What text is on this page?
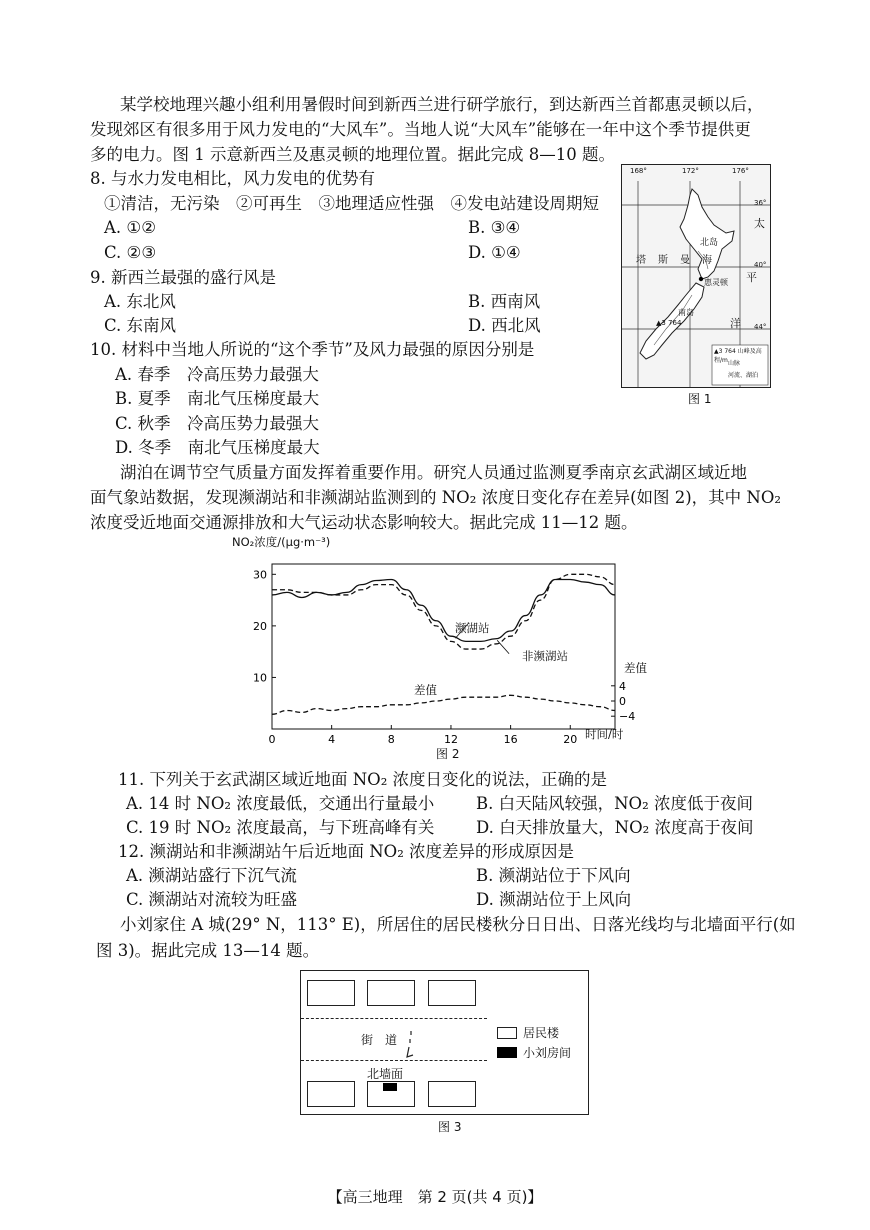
某学校地理兴趣小组利用暑假时间到新西兰进行研学旅行，到达新西兰首都惠灵顿以后，
发现郊区有很多用于风力发电的“大风车”。当地人说“大风车”能够在一年中这个季节提供更
多的电力。图 1 示意新西兰及惠灵顿的地理位置。据此完成 8—10 题。
8. 与水力发电相比，风力发电的优势有
①清洁，无污染　②可再生　③地理适应性强　④发电站建设周期短
A. ①②	B. ③④
C. ②③	D. ①④
9. 新西兰最强的盛行风是
A. 东北风	B. 西南风
C. 东南风	D. 西北风
10. 材料中当地人所说的“这个季节”及风力最强的原因分别是
A. 春季　冷高压势力最强大
B. 夏季　南北气压梯度最大
C. 秋季　冷高压势力最强大
D. 冬季　南北气压梯度最大
168°	172°	176°
36°
40°
44°
塔　斯　曼　海
太
平
洋
北岛
南岛
惠灵顿
▲3 764
▲3 764 山峰及高程/m 山脉
河流、湖泊
图 1
湖泊在调节空气质量方面发挥着重要作用。研究人员通过监测夏季南京玄武湖区域近地
面气象站数据，发现濒湖站和非濒湖站监测到的 NO₂ 浓度日变化存在差异(如图 2)，其中 NO₂
浓度受近地面交通源排放和大气运动状态影响较大。据此完成 11—12 题。
0	4	8	12	16	20
10
20
30
4
0
−4
NO₂浓度/(μg·m⁻³)
时间/时
差值
濒湖站
非濒湖站
差值
图 2
11. 下列关于玄武湖区域近地面 NO₂ 浓度日变化的说法，正确的是
A. 14 时 NO₂ 浓度最低，交通出行量最小	B. 白天陆风较强，NO₂ 浓度低于夜间
C. 19 时 NO₂ 浓度最高，与下班高峰有关	D. 白天排放量大，NO₂ 浓度高于夜间
12. 濒湖站和非濒湖站午后近地面 NO₂ 浓度差异的形成原因是
A. 濒湖站盛行下沉气流	B. 濒湖站位于下风向
C. 濒湖站对流较为旺盛	D. 濒湖站位于上风向
小刘家住 A 城(29° N，113° E)，所居住的居民楼秋分日日出、日落光线均与北墙面平行(如
图 3)。据此完成 13—14 题。
街　道
北墙面
居民楼
小刘房间
图 3
【高三地理　第 2 页(共 4 页)】
